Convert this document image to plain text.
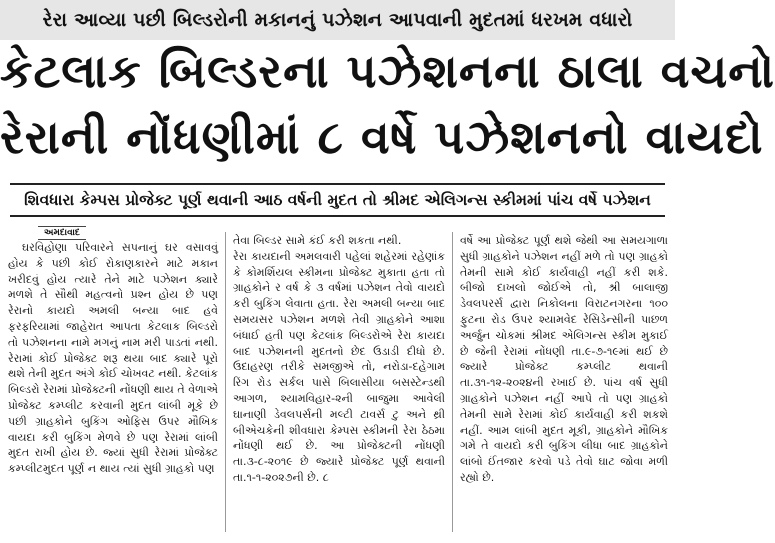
રેરા આવ્યા પછી બિલ્ડરોની મકાનનું પઝેશન આપવાની મુદતમાં ધરખમ વધારો
કેટલાક બિલ્ડરના પઝેશનના ઠાલા વચનો
રેરાની નોંધણીમાં ૮ વર્ષે પઝેશનનો વાયદો
શિવધારા કેમ્પસ પ્રોજેક્ટ પૂર્ણ થવાની આઠ વર્ષની મુદત તો શ્રીમદ એલિગન્સ સ્કીમમાં પાંચ વર્ષે પઝેશન
અમદાવાદ

ઘરવિહોણા પરિવારને સપનાનું ઘર વસાવવું હોય કે પછી કોઈ રોકાણકારને માટે મકાન ખરીદવું હોય ત્યારે તેને માટે પઝેશન ક્યારે મળશે તે સૌથી મહત્વનો પ્રશ્ન હોય છે પણ રેરાનો કાયદો અમલી બન્યા બાદ હવે ફરફરિયામાં જાહેરાત આપતા કેટલાક બિલ્ડરો તો પઝેશનના નામે મગનું નામ મરી પાડતાં નથી. રેરામાં કોઈ પ્રોજેક્ટ શરૂ થયા બાદ ક્યારે પૂરો થશે તેની મુદત અંગે કોઈ ચોખવટ નથી. કેટલાંક બિલ્ડરો રેરામાં પ્રોજેક્ટની નોંધણી થાય તે વેળાએ પ્રોજેક્ટ કમ્પ્લીટ કરવાની મુદત લાંબી મૂકે છે પછી ગ્રાહકોને બુકિંગ ઓફિસ ઉપર મૌખિક વાયદા કરી બુકિંગ મેળવે છે પણ રેરામાં લાંબી મુદત રાખી હોય છે. જ્યાં સુધી રેરામાં પ્રોજેક્ટ કમ્પ્લીટમુદત પૂર્ણ ન થાય ત્યાં સુધી ગ્રાહકો પણ

તેવા બિલ્ડર સામે કંઈ કરી શકતા નથી.
રેરા કાયદાની અમલવારી પહેલાં શહેરમાં રહેણાંક કે કોમર્શિયલ સ્કીમના પ્રોજેક્ટ મુકાતા હતા તો ગ્રાહકોને ર વર્ષ કે ૩ વર્ષમાં પઝેશન તેવો વાયદો કરી બુકિંગ લેવાતા હતા. રેરા અમલી બન્યા બાદ સમયસર પઝેશન મળશે તેવી ગ્રાહકોને આશા બંધાઈ હતી પણ કેટલાંક બિલ્ડરોએ રેરા કાયદા બાદ પઝેશનની મુદતનો છેદ ઉડાડી દીધો છે. ઉદાહરણ તરીકે સમજીએ તો, નરોડા-દહેગામ રિંગ રોડ સર્કલ પાસે બિલાસીયા બસસ્ટેન્ડથી આગળ, શ્યામવિહાર-૨ની બાજુમા આવેલી ઘાનાણી ડેવલપર્સની મલ્ટી ટાવર્સ ટુ અને થ્રી બીએચકેની શીવધારા કેમ્પસ સ્કીમની રેરા ઠેઠમા નોંધણી થઈ છે. આ પ્રોજેક્ટની નોંધણી તા.૩-૮-૨૦૧૯ છે જ્યારે પ્રોજેક્ટ પૂર્ણ થવાની તા.૧-૧-૨૦૨૭ની છે. ૮

વર્ષે આ પ્રોજેક્ટ પૂર્ણ થશે જેથી આ સમયગાળા સુધી ગ્રાહકોને પઝેશન નહીં મળે તો પણ ગ્રાહકો તેમની સામે કોઈ કાર્યવાહી નહીં કરી શકે. બીજો દાખલો જોઈએ તો, શ્રી બાલાજી ડેવલપરર્સ દ્વારા નિકોલના વિરાટનગરના ૧૦૦ ફુટના રોડ ઉપર શ્યામવેદ રેસિડેન્સીની પાછળ અર્જુન ચોકમાં શ્રીમદ એલિગન્સ સ્કીમ મુકાઈ છે જેની રેરામાં નોંધણી તા.૯-૭-૧૯માં થઈ છે જ્યારે પ્રોજેક્ટ કમ્પ્લીટ થવાની તા.૩૧-૧૨-૨૦૨૪ની રખાઈ છે. પાંચ વર્ષ સુધી ગ્રાહકોને પઝેશન નહીં આપે તો પણ ગ્રાહકો તેમની સામે રેરામાં કોઈ કાર્યવાહી કરી શકશે નહીં. આમ લાંબી મુદત મૂકી, ગ્રાહકોને મૌખિક ગમે તે વાયદો કરી બુકિંગ લીધા બાદ ગ્રાહકોને લાંબો ઈંતજાર કરવો પડે તેવો ઘાટ જોવા મળી રહ્યો છે.
